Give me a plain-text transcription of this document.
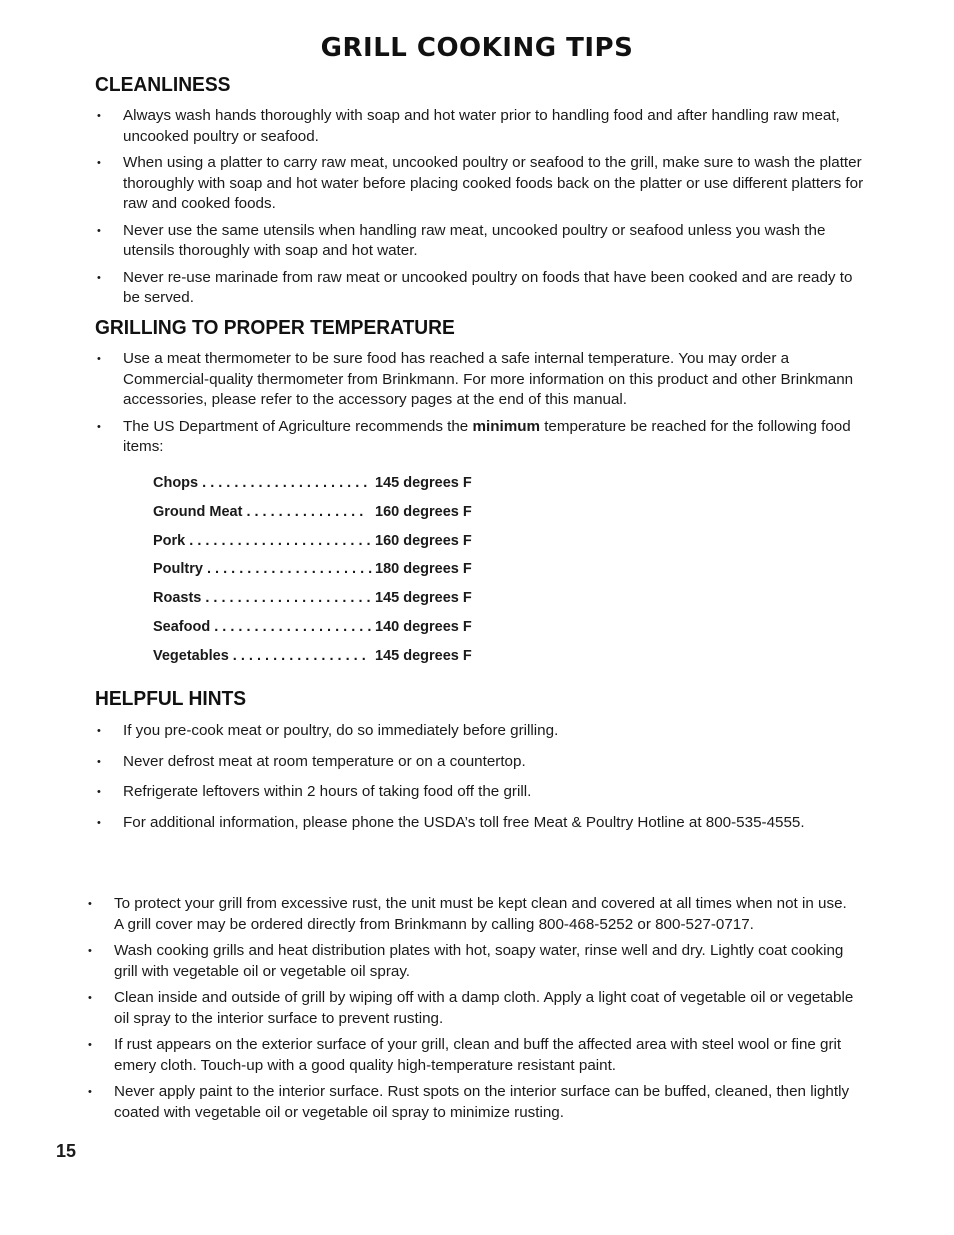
GRILL COOKING TIPS
CLEANLINESS
• Always wash hands thoroughly with soap and hot water prior to handling food and after handling raw meat, uncooked poultry or seafood.
• When using a platter to carry raw meat, uncooked poultry or seafood to the grill, make sure to wash the platter thoroughly with soap and hot water before placing cooked foods back on the platter or use different platters for raw and cooked foods.
• Never use the same utensils when handling raw meat, uncooked poultry or seafood unless you wash the utensils thoroughly with soap and hot water.
• Never re-use marinade from raw meat or uncooked poultry on foods that have been cooked and are ready to be served.
GRILLING TO PROPER TEMPERATURE
• Use a meat thermometer to be sure food has reached a safe internal temperature. You may order a Commercial-quality thermometer from Brinkmann. For more information on this product and other Brinkmann accessories, please refer to the accessory pages at the end of this manual.
• The US Department of Agriculture recommends the minimum temperature be reached for the following food items:
Chops . . . . . . . . . . . . . . . . . . . . . 145 degrees F
Ground Meat . . . . . . . . . . . . . . . 160 degrees F
Pork . . . . . . . . . . . . . . . . . . . . . . . 160 degrees F
Poultry . . . . . . . . . . . . . . . . . . . . . 180 degrees F
Roasts . . . . . . . . . . . . . . . . . . . . . 145 degrees F
Seafood . . . . . . . . . . . . . . . . . . . . 140 degrees F
Vegetables . . . . . . . . . . . . . . . . . 145 degrees F
HELPFUL HINTS
• If you pre-cook meat or poultry, do so immediately before grilling.
• Never defrost meat at room temperature or on a countertop.
• Refrigerate leftovers within 2 hours of taking food off the grill.
• For additional information, please phone the USDA’s toll free Meat & Poultry Hotline at 800-535-4555.
• To protect your grill from excessive rust, the unit must be kept clean and covered at all times when not in use. A grill cover may be ordered directly from Brinkmann by calling 800-468-5252 or 800-527-0717.
• Wash cooking grills and heat distribution plates with hot, soapy water, rinse well and dry. Lightly coat cooking grill with vegetable oil or vegetable oil spray.
• Clean inside and outside of grill by wiping off with a damp cloth. Apply a light coat of vegetable oil or vegetable oil spray to the interior surface to prevent rusting.
• If rust appears on the exterior surface of your grill, clean and buff the affected area with steel wool or fine grit emery cloth. Touch-up with a good quality high-temperature resistant paint.
• Never apply paint to the interior surface. Rust spots on the interior surface can be buffed, cleaned, then lightly coated with vegetable oil or vegetable oil spray to minimize rusting.

15
